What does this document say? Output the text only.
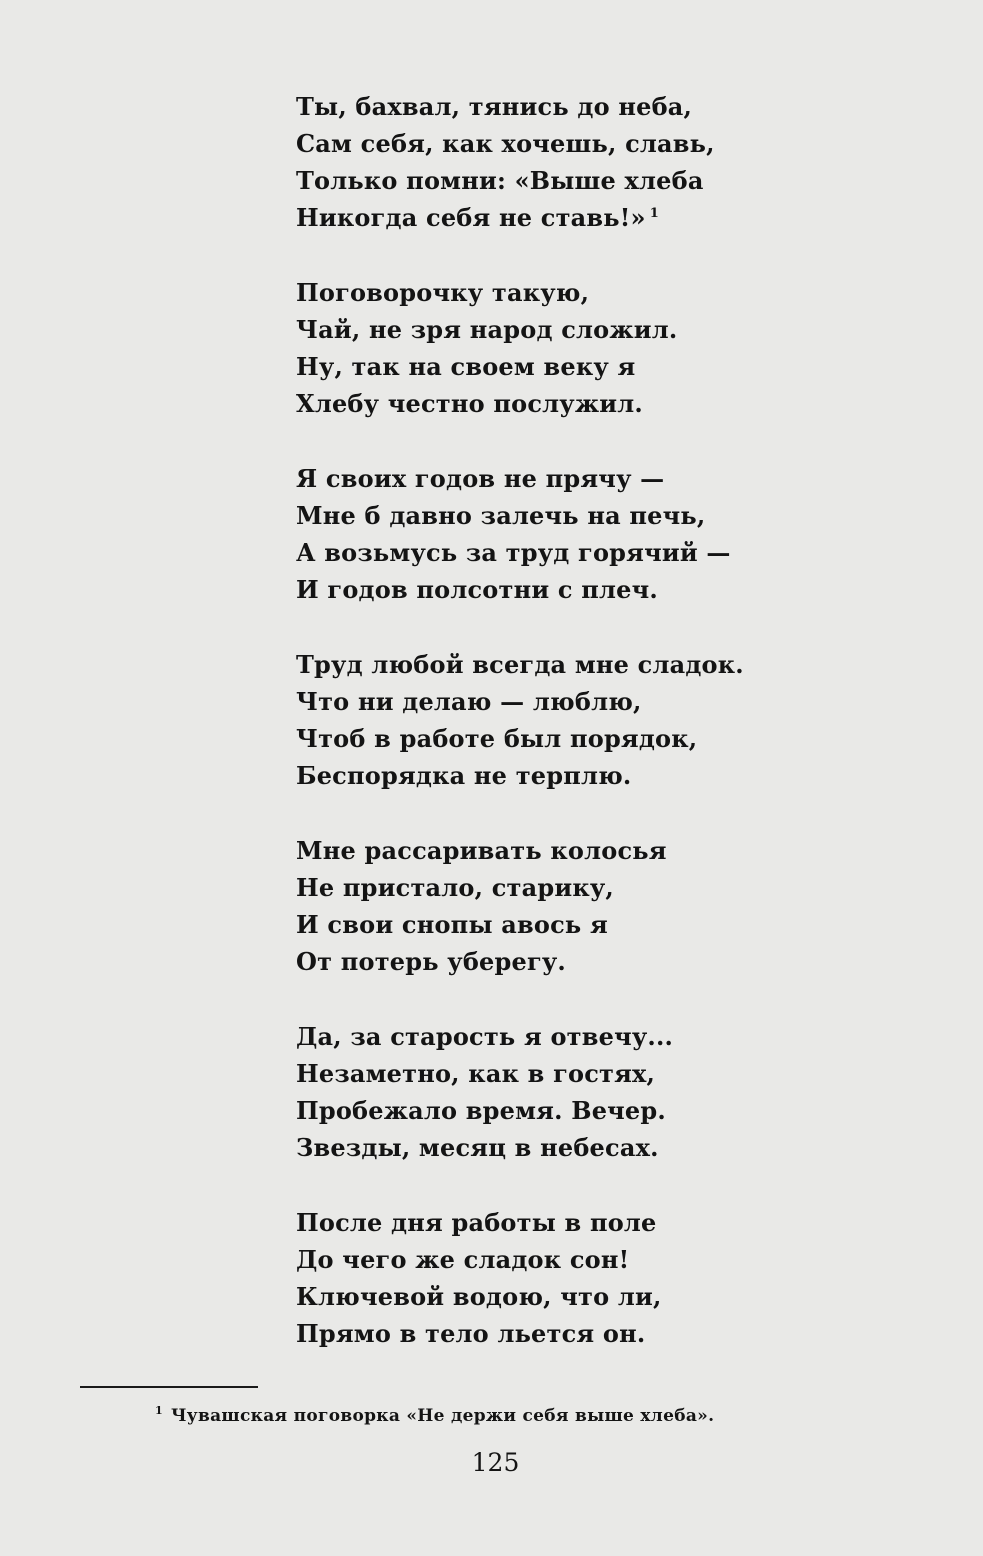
Ты, бахвал, тянись до неба,
Сам себя, как хочешь, славь,
Только помни: «Выше хлеба
Никогда себя не ставь!» $^1$
Поговорочку такую,
Чай, не зря народ сложил.
Ну, так на своем веку я
Хлебу честно послужил.
Я своих годов не прячу —
Мне б давно залечь на печь,
А возьмусь за труд горячий —
И годов полсотни с плеч.
Труд любой всегда мне сладок.
Что ни делаю — люблю,
Чтоб в работе был порядок,
Беспорядка не терплю.
Мне рассаривать колосья
Не пристало, старику,
И свои снопы авось я
От потерь уберегу.
Да, за старость я отвечу...
Незаметно, как в гостях,
Пробежало время. Вечер.
Звезды, месяц в небесах.
После дня работы в поле
До чего же сладок сон!
Ключевой водою, что ли,
Прямо в тело льется он.
$^1$ Чувашская поговорка «Не держи себя выше хлеба».
125
